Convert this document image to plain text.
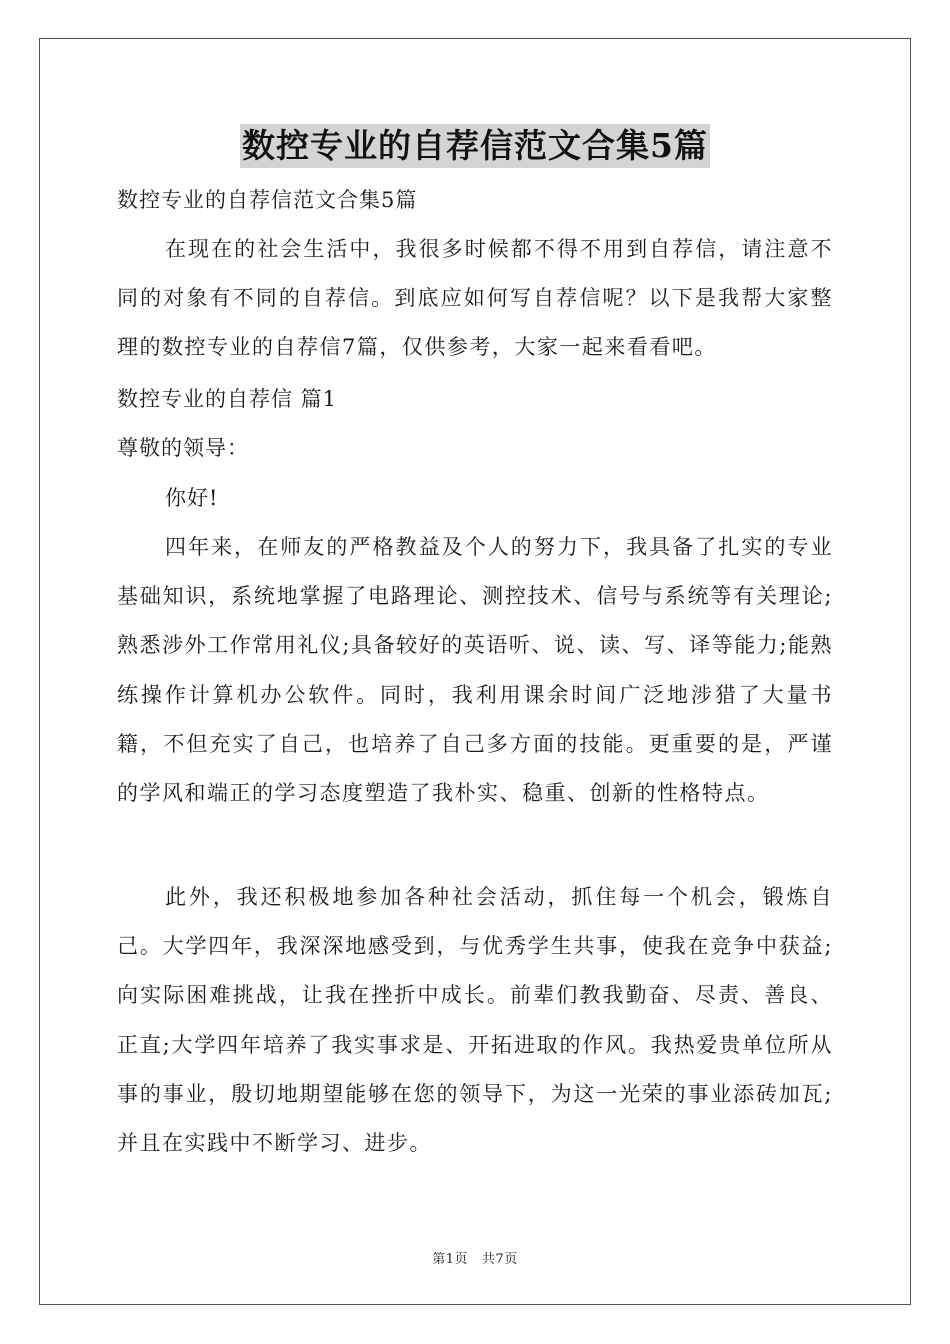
数控专业的自荐信范文合集5篇
数控专业的自荐信范文合集5篇
在现在的社会生活中，我很多时候都不得不用到自荐信，请注意不同的对象有不同的自荐信。到底应如何写自荐信呢？以下是我帮大家整理的数控专业的自荐信7篇，仅供参考，大家一起来看看吧。
数控专业的自荐信 篇1
尊敬的领导：
你好!
四年来，在师友的严格教益及个人的努力下，我具备了扎实的专业基础知识，系统地掌握了电路理论、测控技术、信号与系统等有关理论;熟悉涉外工作常用礼仪;具备较好的英语听、说、读、写、译等能力;能熟练操作计算机办公软件。同时，我利用课余时间广泛地涉猎了大量书籍，不但充实了自己，也培养了自己多方面的技能。更重要的是，严谨的学风和端正的学习态度塑造了我朴实、稳重、创新的性格特点。
此外，我还积极地参加各种社会活动，抓住每一个机会，锻炼自己。大学四年，我深深地感受到，与优秀学生共事，使我在竞争中获益;向实际困难挑战，让我在挫折中成长。前辈们教我勤奋、尽责、善良、正直;大学四年培养了我实事求是、开拓进取的作风。我热爱贵单位所从事的事业，殷切地期望能够在您的领导下，为这一光荣的事业添砖加瓦;并且在实践中不断学习、进步。
第1页   共7页
